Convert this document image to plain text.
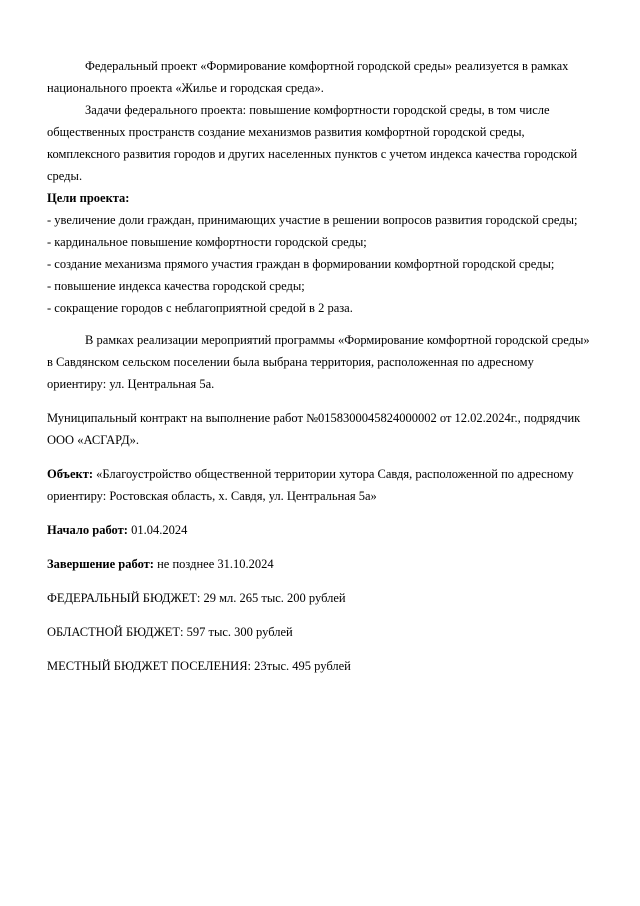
Федеральный проект «Формирование комфортной городской среды» реализуется в рамках национального проекта «Жилье и городская среда».

Задачи федерального проекта: повышение комфортности городской среды, в том числе общественных пространств создание механизмов развития комфортной городской среды, комплексного развития городов и других населенных пунктов с учетом индекса качества городской среды.

Цели проекта:

- увеличение доли граждан, принимающих участие в решении вопросов развития городской среды;

- кардинальное повышение комфортности городской среды;

- создание механизма прямого участия граждан в формировании комфортной городской среды;

- повышение индекса качества городской среды;

- сокращение городов с неблагоприятной средой в 2 раза.

В рамках реализации мероприятий программы «Формирование комфортной городской среды» в Савдянском сельском поселении была выбрана территория, расположенная по адресному ориентиру: ул. Центральная 5а.

Муниципальный контракт на выполнение работ №0158300045824000002 от 12.02.2024г., подрядчик ООО «АСГАРД».

Объект: «Благоустройство общественной территории хутора Савдя, расположенной по адресному ориентиру: Ростовская область, х. Савдя, ул. Центральная 5а»

Начало работ: 01.04.2024

Завершение работ: не позднее 31.10.2024

ФЕДЕРАЛЬНЫЙ БЮДЖЕТ: 29 мл. 265 тыс. 200 рублей

ОБЛАСТНОЙ БЮДЖЕТ: 597 тыс. 300 рублей

МЕСТНЫЙ БЮДЖЕТ ПОСЕЛЕНИЯ: 23тыс. 495 рублей
